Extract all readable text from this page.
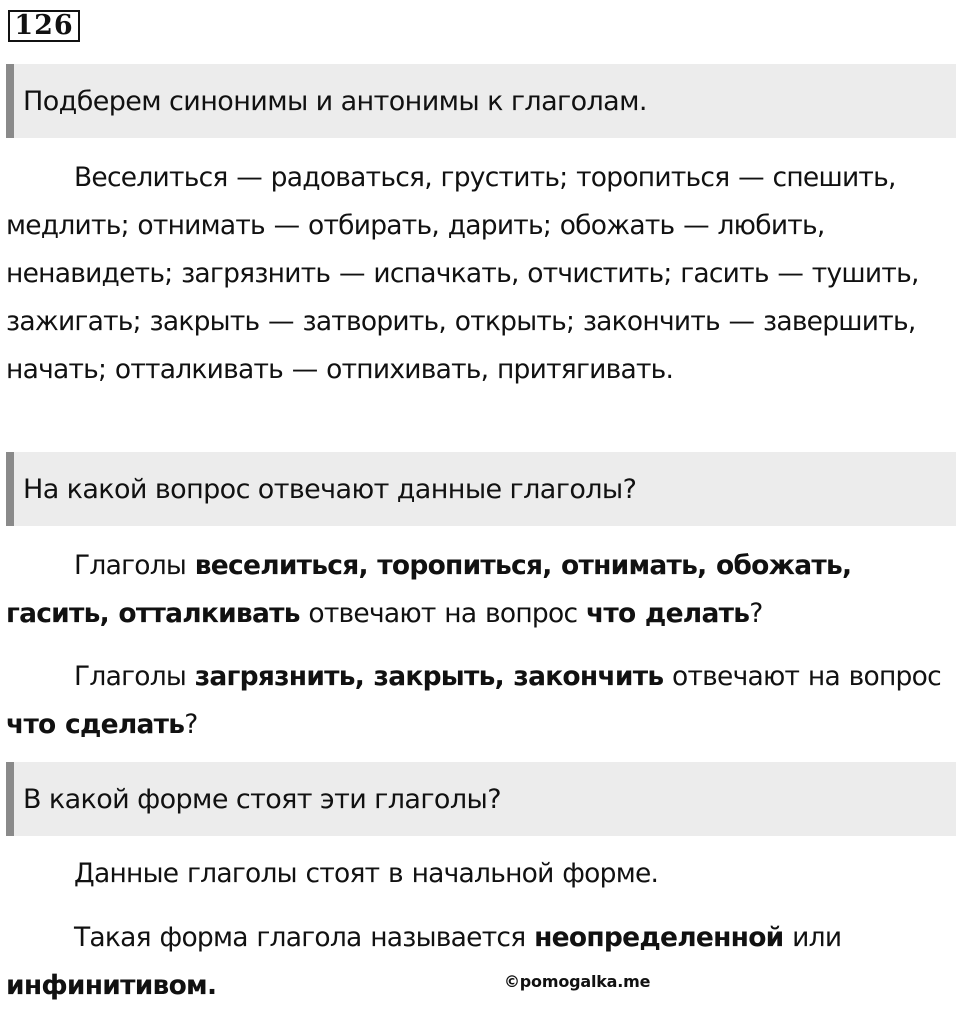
126
Подберем синонимы и антонимы к глаголам.
Веселиться — радоваться, грустить; торопиться — спешить, медлить; отнимать — отбирать, дарить; обожать — любить, ненавидеть; загрязнить — испачкать, отчистить; гасить — тушить, зажигать; закрыть — затворить, открыть; закончить — завершить, начать; отталкивать — отпихивать, притягивать.
На какой вопрос отвечают данные глаголы?
Глаголы веселиться, торопиться, отнимать, обожать, гасить, отталкивать отвечают на вопрос что делать?
Глаголы загрязнить, закрыть, закончить отвечают на вопрос что сделать?
В какой форме стоят эти глаголы?
Данные глаголы стоят в начальной форме.
Такая форма глагола называется неопределенной или инфинитивом.	©pomogalka.me
